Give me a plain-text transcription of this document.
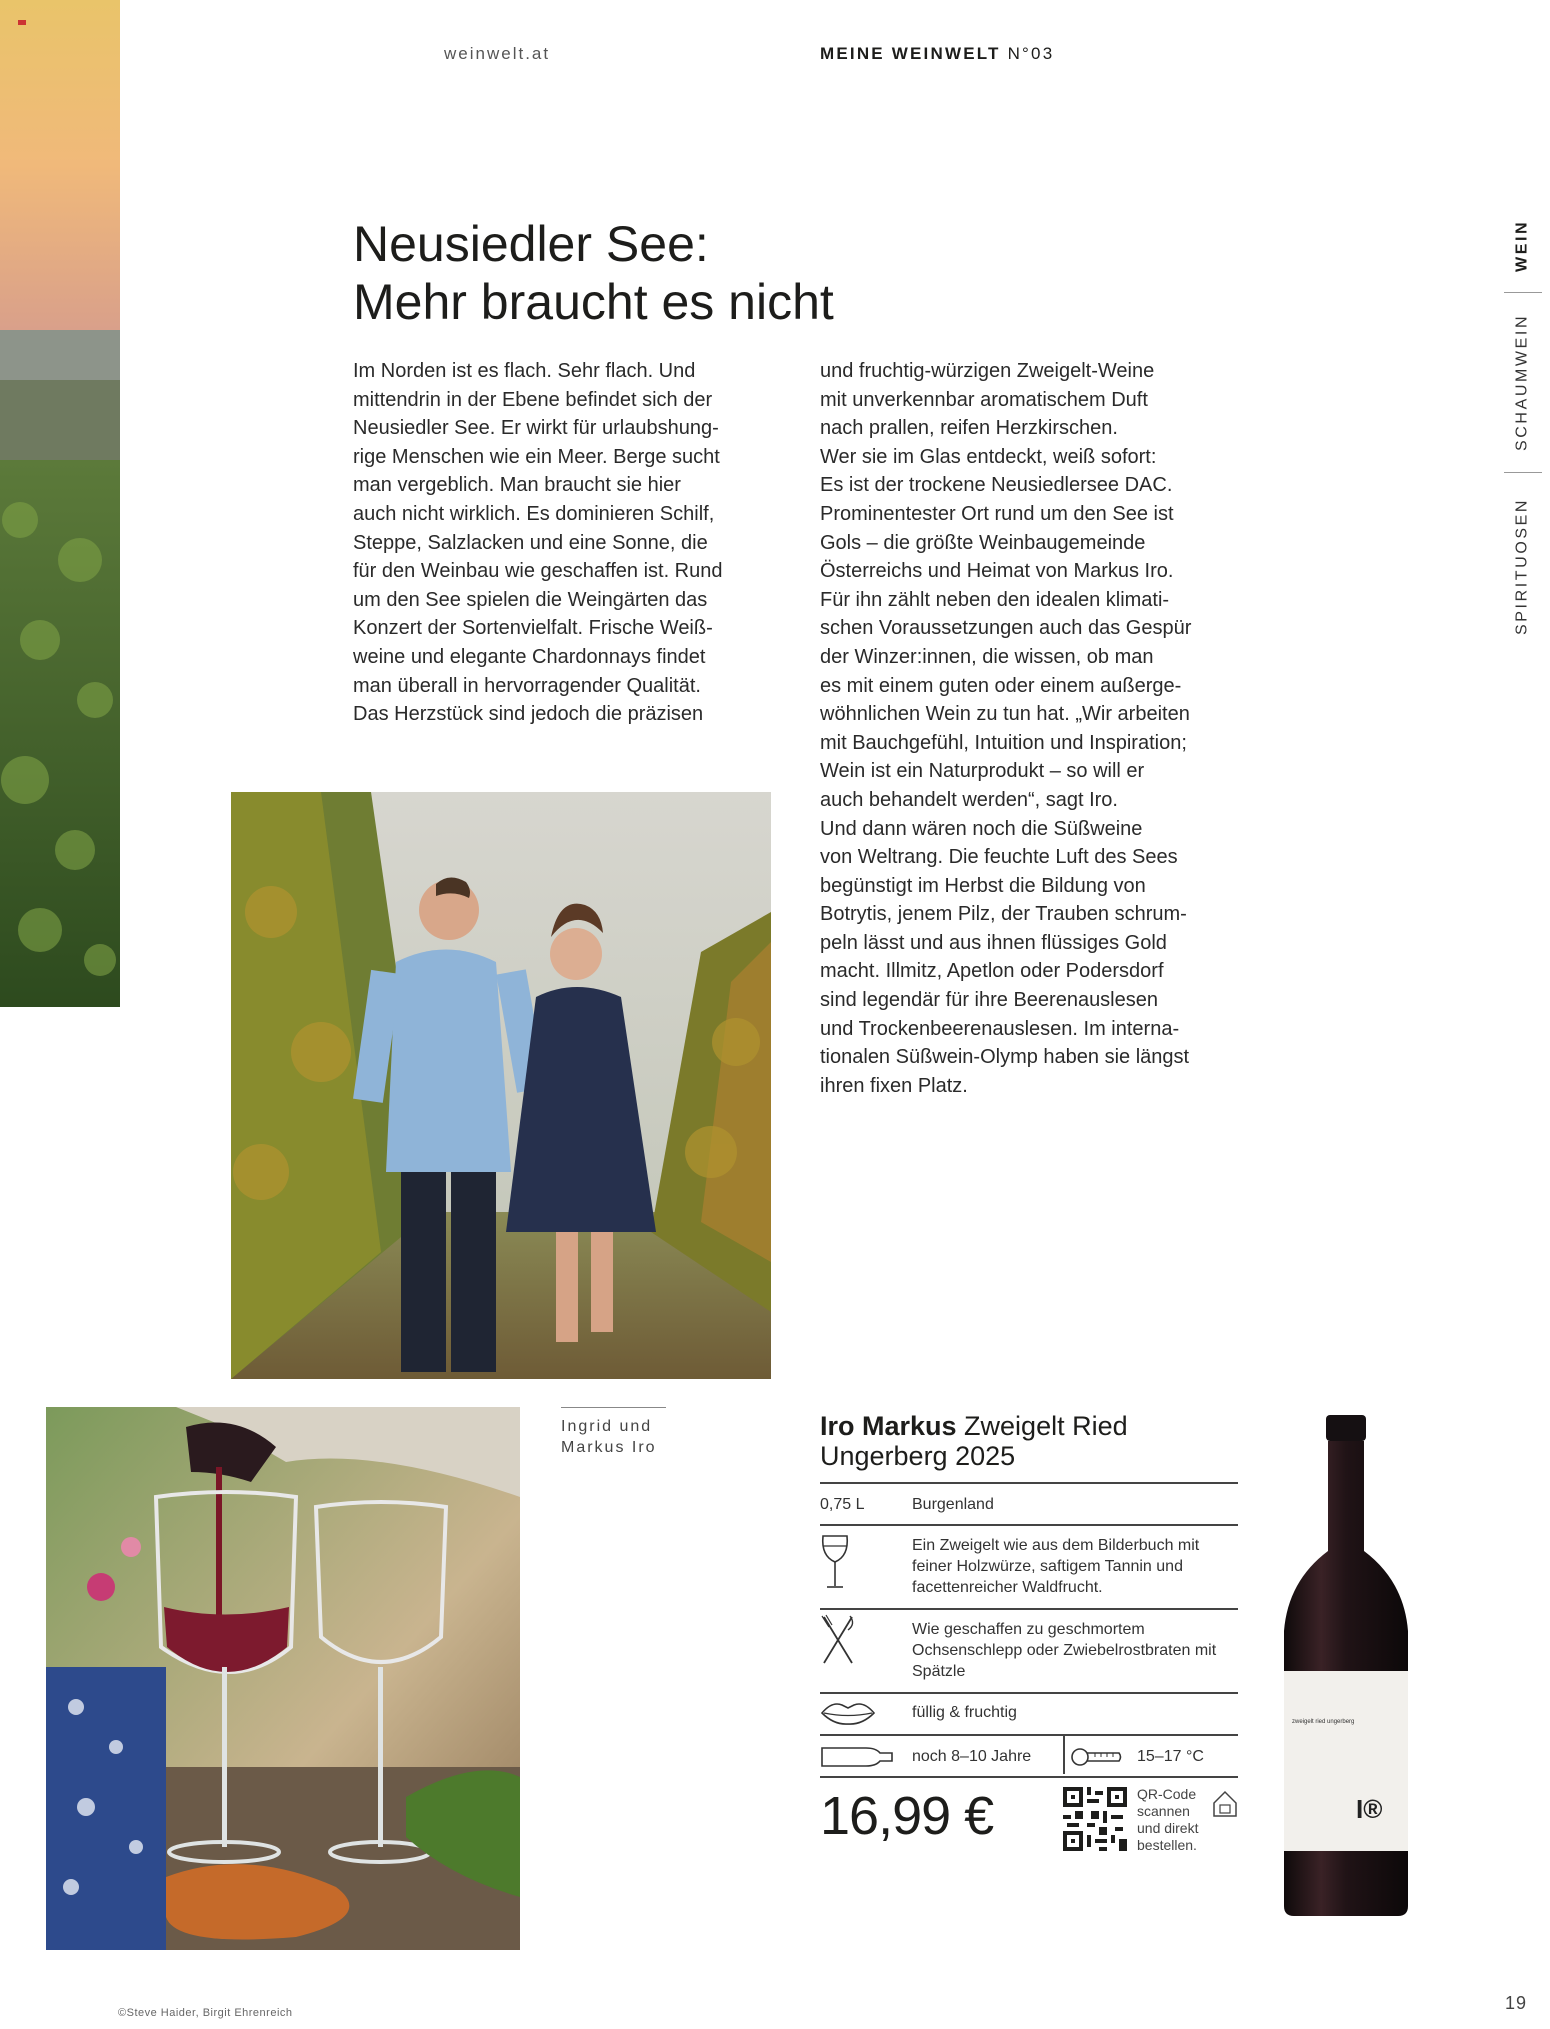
weinwelt.at	MEINE WEINWELT N°03
WEIN
SCHAUMWEIN
SPIRITUOSEN
Neusiedler See:
Mehr braucht es nicht

Im Norden ist es flach. Sehr flach. Und

mittendrin in der Ebene befindet sich der

Neusiedler See. Er wirkt für urlaubshung-

rige Menschen wie ein Meer. Berge sucht

man vergeblich. Man braucht sie hier

auch nicht wirklich. Es dominieren Schilf,

Steppe, Salzlacken und eine Sonne, die

für den Weinbau wie geschaffen ist. Rund

um den See spielen die Weingärten das

Konzert der Sortenvielfalt. Frische Weiß-

weine und elegante Chardonnays findet

man überall in hervorragender Qualität.

Das Herzstück sind jedoch die präzisen

und fruchtig-würzigen Zweigelt-Weine

mit unverkennbar aromatischem Duft

nach prallen, reifen Herzkirschen.

Wer sie im Glas entdeckt, weiß sofort:

Es ist der trockene Neusiedlersee DAC.

Prominentester Ort rund um den See ist

Gols – die größte Weinbaugemeinde

Österreichs und Heimat von Markus Iro.

Für ihn zählt neben den idealen klimati-

schen Voraussetzungen auch das Gespür

der Winzer:innen, die wissen, ob man

es mit einem guten oder einem außerge-

wöhnlichen Wein zu tun hat. „Wir arbeiten

mit Bauchgefühl, Intuition und Inspiration;

Wein ist ein Naturprodukt – so will er

auch behandelt werden“, sagt Iro.

Und dann wären noch die Süßweine

von Weltrang. Die feuchte Luft des Sees

begünstigt im Herbst die Bildung von

Botrytis, jenem Pilz, der Trauben schrum-

peln lässt und aus ihnen flüssiges Gold

macht. Illmitz, Apetlon oder Podersdorf

sind legendär für ihre Beerenauslesen

und Trockenbeerenauslesen. Im interna-

tionalen Süßwein-Olymp haben sie längst

ihren fixen Platz.

Ingrid und
Markus Iro
Iro Markus Zweigelt Ried
Ungerberg 2025
0,75 L	Burgenland
Ein Zweigelt wie aus dem Bilderbuch mit feiner Holzwürze, saftigem Tannin und facettenreicher Waldfrucht.
Wie geschaffen zu geschmortem Ochsenschlepp oder Zwiebelrostbraten mit Spätzle
füllig & fruchtig
noch 8–10 Jahre	15–17 °C
16,99 €	QR-Code
scannen
und direkt
bestellen.
zweigelt ried ungerberg
I®
©Steve Haider, Birgit Ehrenreich	19
